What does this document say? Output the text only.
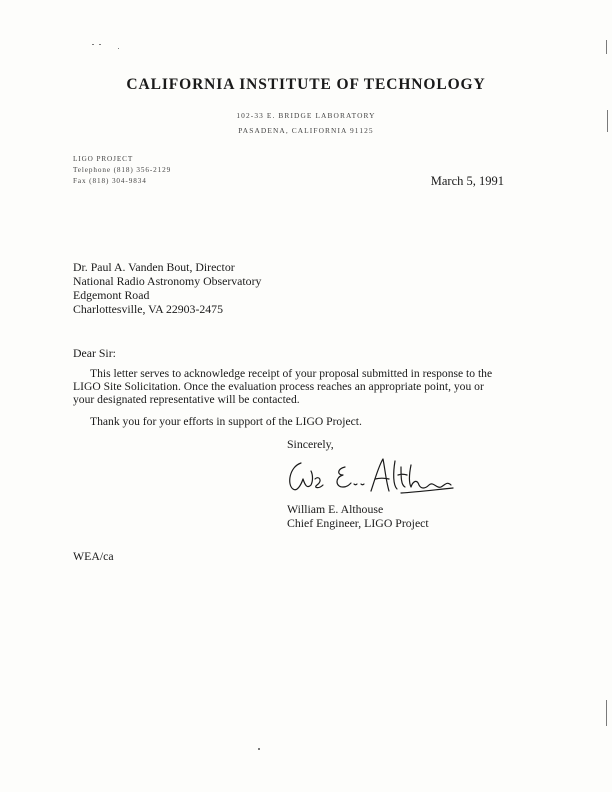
CALIFORNIA INSTITUTE OF TECHNOLOGY
102-33 E. BRIDGE LABORATORY
PASADENA, CALIFORNIA 91125
LIGO PROJECT
Telephone (818) 356-2129
Fax (818) 304-9834	March 5, 1991
Dr. Paul A. Vanden Bout, Director
National Radio Astronomy Observatory
Edgemont Road
Charlottesville, VA 22903-2475
Dear Sir:

This letter serves to acknowledge receipt of your proposal submitted in response to the LIGO Site Solicitation. Once the evaluation process reaches an appropriate point, you or your designated representative will be contacted.

Thank you for your efforts in support of the LIGO Project.

Sincerely,
William E. Althouse
Chief Engineer, LIGO Project
WEA/ca
